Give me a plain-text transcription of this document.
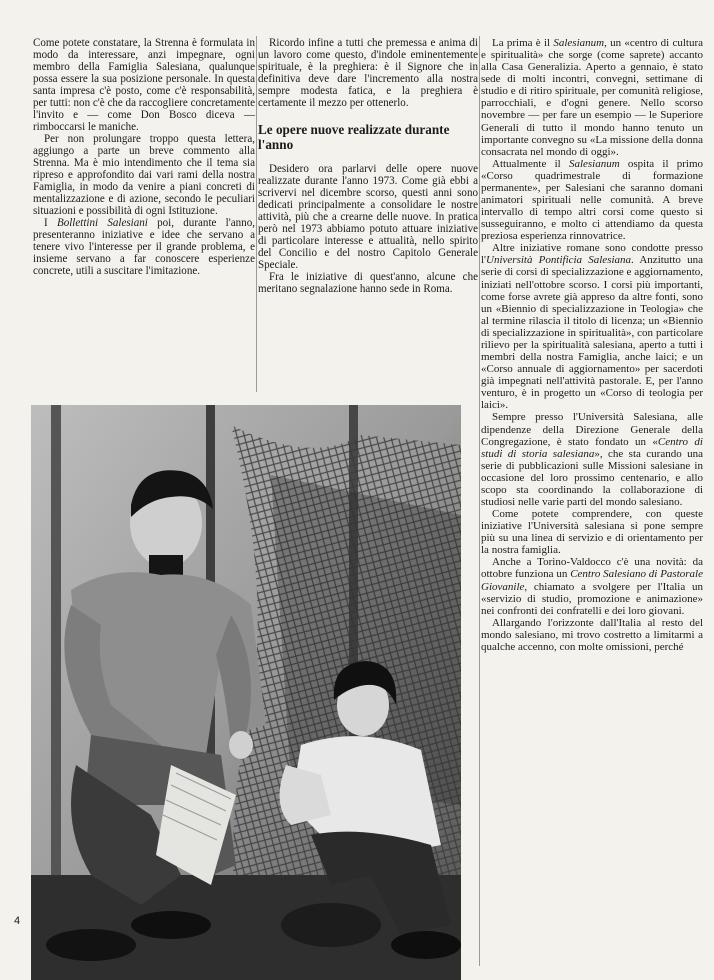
Come potete constatare, la Strenna è formulata in modo da interessare, anzi impegnare, ogni membro della Famiglia Salesiana, qualunque possa essere la sua posizione personale. In questa santa impresa c'è posto, come c'è responsabilità, per tutti: non c'è che da raccogliere concretamente l'invito e — come Don Bosco diceva — rimboccarsi le maniche.

Per non prolungare troppo questa lettera, aggiungo a parte un breve commento alla Strenna. Ma è mio intendimento che il tema sia ripreso e approfondito dai vari rami della nostra Famiglia, in modo da venire a piani concreti di mentalizzazione e di azione, secondo le peculiari situazioni e possibilità di ogni Istituzione.

I Bollettini Salesiani poi, durante l'anno, presenteranno iniziative e idee che servano a tenere vivo l'interesse per il grande problema, e insieme servano a far conoscere esperienze concrete, utili a suscitare l'imitazione.

Ricordo infine a tutti che premessa e anima di un lavoro come questo, d'indole eminentemente spirituale, è la preghiera: è il Signore che in definitiva deve dare l'incremento alla nostra sempre modesta fatica, e la preghiera è certamente il mezzo per ottenerlo.

Le opere nuove realizzate durante l'anno

Desidero ora parlarvi delle opere nuove realizzate durante l'anno 1973. Come già ebbi a scrivervi nel dicembre scorso, questi anni sono dedicati principalmente a consolidare le nostre attività, più che a crearne delle nuove. In pratica però nel 1973 abbiamo potuto attuare iniziative di particolare interesse e attualità, nello spirito del Concilio e del nostro Capitolo Generale Speciale.

Fra le iniziative di quest'anno, alcune che meritano segnalazione hanno sede in Roma.

La prima è il Salesianum, un «centro di cultura e spiritualità» che sorge (come saprete) accanto alla Casa Generalizia. Aperto a gennaio, è stato sede di molti incontri, convegni, settimane di studio e di ritiro spirituale, per comunità religiose, parrocchiali, e d'ogni genere. Nello scorso novembre — per fare un esempio — le Superiore Generali di tutto il mondo hanno tenuto un importante convegno su «La missione della donna consacrata nel mondo di oggi».

Attualmente il Salesianum ospita il primo «Corso quadrimestrale di formazione permanente», per Salesiani che saranno domani animatori spirituali nelle comunità. A breve intervallo di tempo altri corsi come questo si susseguiranno, e molto ci attendiamo da questa preziosa esperienza rinnovatrice.

Altre iniziative romane sono condotte presso l'Università Pontificia Salesiana. Anzitutto una serie di corsi di specializzazione e aggiornamento, iniziati nell'ottobre scorso. I corsi più importanti, come forse avrete già appreso da altre fonti, sono un «Biennio di specializzazione in Teologia» che al termine rilascia il titolo di licenza; un «Biennio di specializzazione in spiritualità», con particolare rilievo per la spiritualità salesiana, aperto a tutti i membri della nostra Famiglia, anche laici; e un «Corso annuale di aggiornamento» per sacerdoti già impegnati nell'attività pastorale. E, per l'anno venturo, è in progetto un «Corso di teologia per laici».

Sempre presso l'Università Salesiana, alle dipendenze della Direzione Generale della Congregazione, è stato fondato un «Centro di studi di storia salesiana», che sta curando una serie di pubblicazioni sulle Missioni salesiane in occasione del loro prossimo centenario, e allo scopo sta coordinando la collaborazione di studiosi nelle varie parti del mondo salesiano.

Come potete comprendere, con queste iniziative l'Università salesiana si pone sempre più su una linea di servizio e di orientamento per la nostra famiglia.

Anche a Torino-Valdocco c'è una novità: da ottobre funziona un Centro Salesiano di Pastorale Giovanile, chiamato a svolgere per l'Italia un «servizio di studio, promozione e animazione» nei confronti dei confratelli e dei loro giovani.

Allargando l'orizzonte dall'Italia al resto del mondo salesiano, mi trovo costretto a limitarmi a qualche accenno, con molte omissioni, perché

4
